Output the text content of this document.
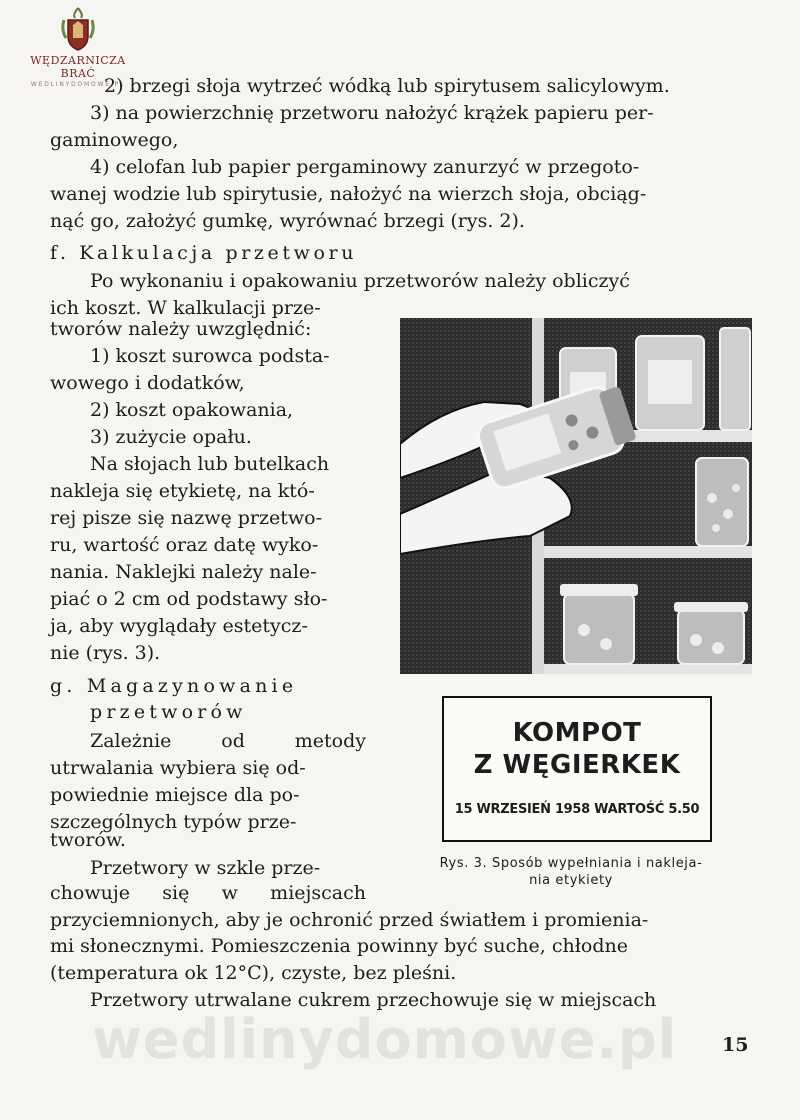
WĘDZARNICZA BRAĆ
WEDLINYDOMOWE.PL
2) brzegi słoja wytrzeć wódką lub spirytusem salicylowym.
3) na powierzchnię przetworu nałożyć krążek papieru per-
gaminowego,
4) celofan lub papier pergaminowy zanurzyć w przegoto-
wanej wodzie lub spirytusie, nałożyć na wierzch słoja, obciąg-
nąć go, założyć gumkę, wyrównać brzegi (rys. 2).
f. Kalkulacja przetworu
Po wykonaniu i opakowaniu przetworów należy obliczyć
ich koszt. W kalkulacji prze-
tworów należy uwzględnić:
1) koszt surowca podsta-
wowego i dodatków,
2) koszt opakowania,
3) zużycie opału.
Na słojach lub butelkach
nakleja się etykietę, na któ-
rej pisze się nazwę przetwo-
ru, wartość oraz datę wyko-
nania. Naklejki należy nale-
piać o 2 cm od podstawy sło-
ja, aby wyglądały estetycz-
nie (rys. 3).
g. Magazynowanie
przetworów
Zależnie od metody
utrwalania wybiera się od-
powiednie miejsce dla po-
szczególnych typów prze-
tworów.
Przetwory w szkle prze-
chowuje się w miejscach
przyciemnionych, aby je ochronić przed światłem i promienia-
mi słonecznymi. Pomieszczenia powinny być suche, chłodne
(temperatura ok 12°C), czyste, bez pleśni.
Przetwory utrwalane cukrem przechowuje się w miejscach
KOMPOT
Z WĘGIERKEK
15 WRZESIEŃ 1958 WARTOŚĆ 5.50
Rys. 3. Sposób wypełniania i nakleja-
nia etykiety
wedlinydomowe.pl 15
